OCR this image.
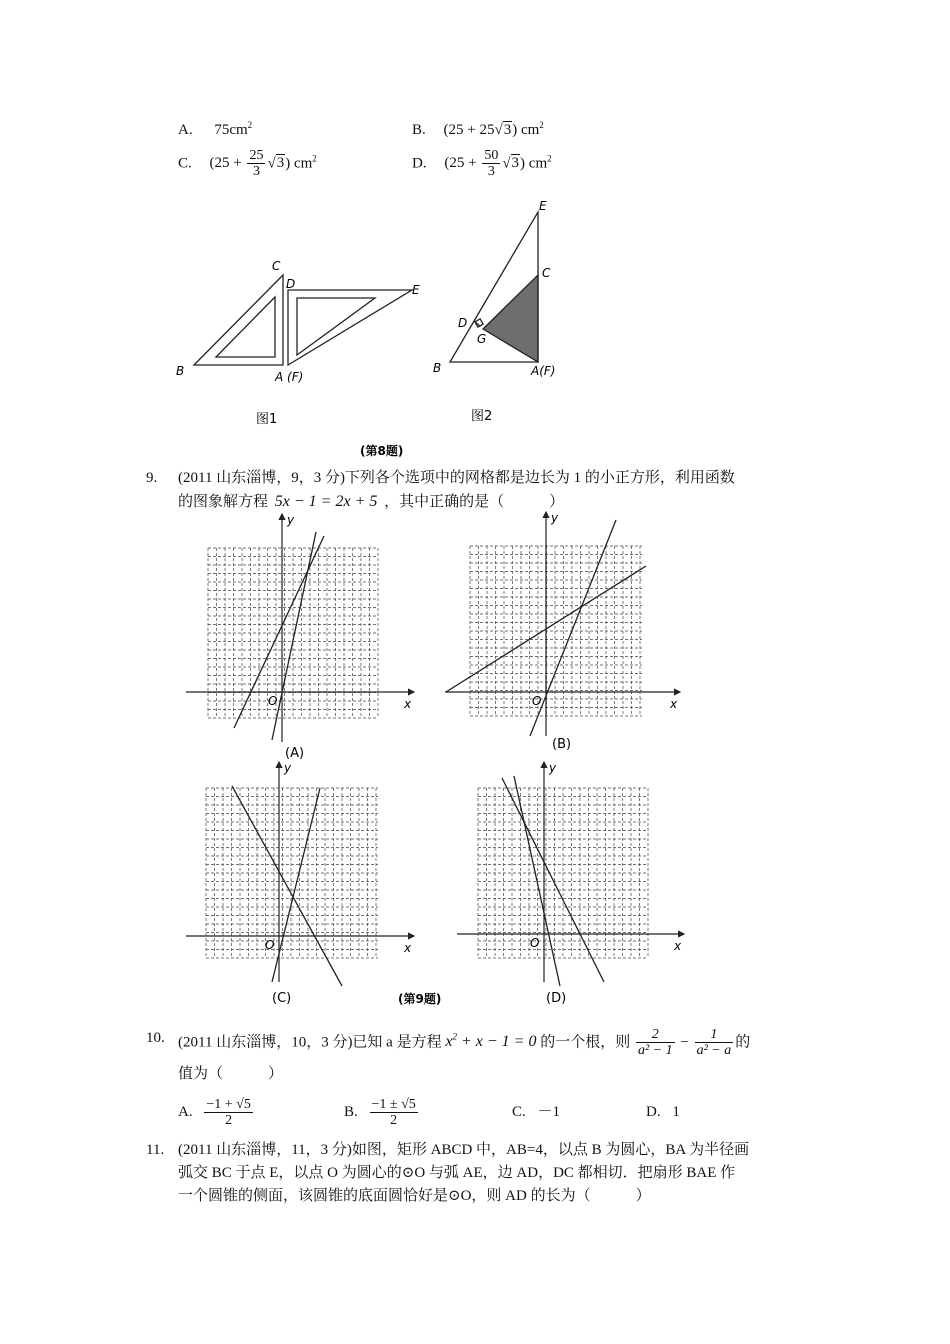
A. $75cm^2$	B. (25 + 25√3) $cm^2$
C. $(25 + \frac{25}{3} √3)$ $cm^2$	D. $(25 + \frac{50}{3} √3)$ $cm^2$
C
D	E
B	A (F)
图1
E
C
D
G
B	A(F)
图2
(第8题)
9. (2011 山东淄博，9，3 分)下列各个选项中的网格都是边长为 1 的小正方形，利用函数
的图象解方程 5x − 1 = 2x + 5 ，其中正确的是（　　　）
x
y
O	x
y
O
x
y
O	x
y
O
(A)
(B)
(C)	(D)
(第9题)
10. (2011 山东淄博，10，3 分)已知 a 是方程 $x^2 + x - 1 = 0$ 的一个根，则 $\frac{2}{\text{a² − 1}} - \frac{1}{\text{a² − a}}$ 的
值为（　　　）
A. $\frac{-1 + √5}{2}$	B. $\frac{-1 \pm √5}{2}$	C. －1	D. 1
11. (2011 山东淄博，11，3 分)如图，矩形 ABCD 中，AB=4，以点 B 为圆心，BA 为半径画
弧交 BC 于点 E，以点 O 为圆心的⊙O 与弧 AE，边 AD，DC 都相切．把扇形 BAE 作
一个圆锥的侧面，该圆锥的底面圆恰好是⊙O，则 AD 的长为（　　　）
